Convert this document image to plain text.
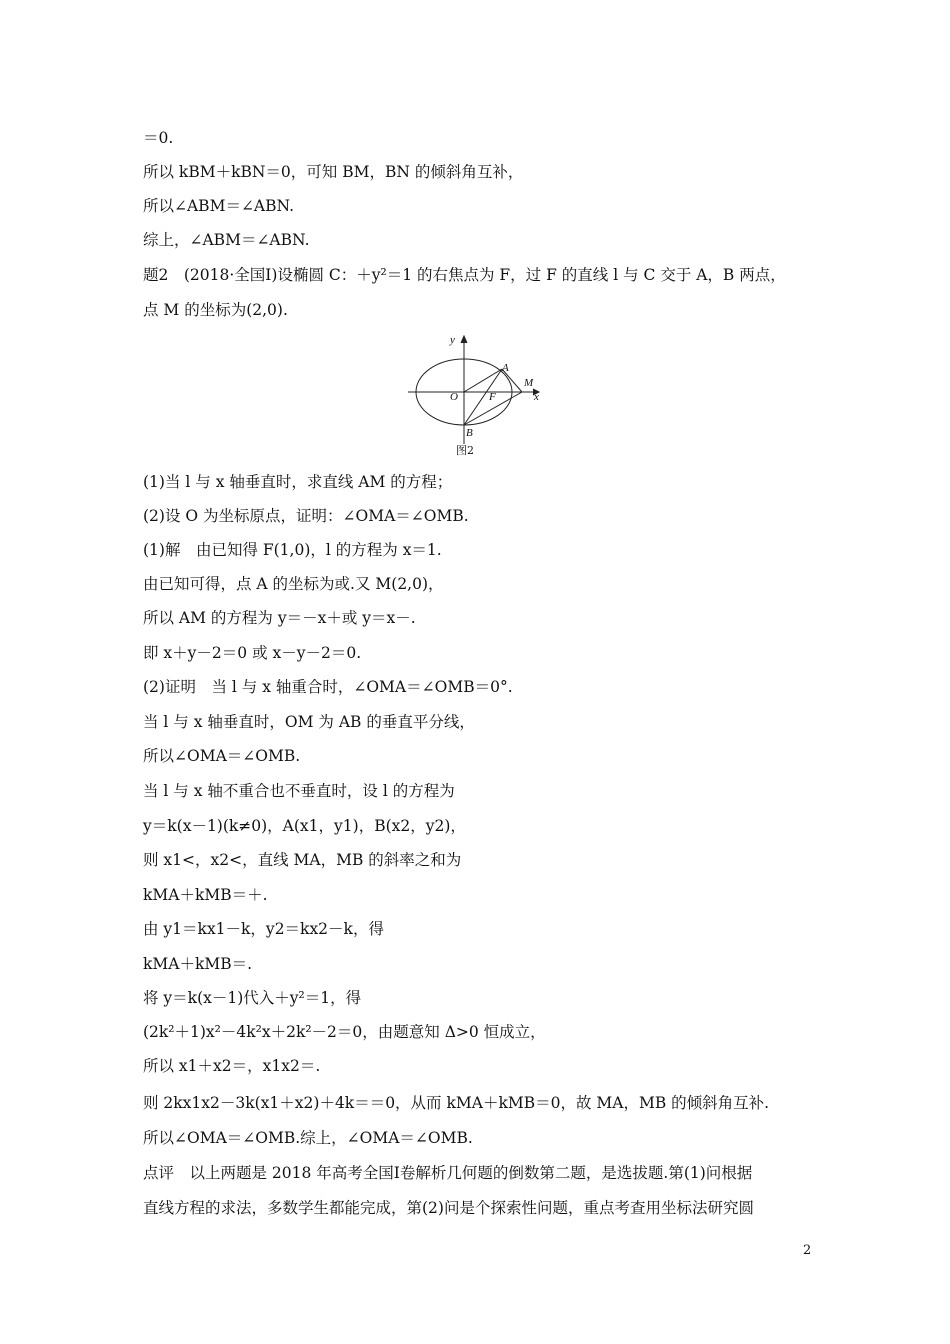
＝0.
所以 kBM＋kBN＝0，可知 BM，BN 的倾斜角互补，
所以∠ABM＝∠ABN.
综上，∠ABM＝∠ABN.
题2　(2018·全国Ⅰ)设椭圆 C：＋y²＝1 的右焦点为 F，过 F 的直线 l 与 C 交于 A，B 两点，
点 M 的坐标为(2,0).
y
x
O	F
A
B
M
图2
(1)当 l 与 x 轴垂直时，求直线 AM 的方程；
(2)设 O 为坐标原点，证明：∠OMA＝∠OMB.
(1)解　由已知得 F(1,0)，l 的方程为 x＝1.
由已知可得，点 A 的坐标为或.又 M(2,0)，
所以 AM 的方程为 y＝－x＋或 y＝x－.
即 x＋y－2＝0 或 x－y－2＝0.
(2)证明　当 l 与 x 轴重合时，∠OMA＝∠OMB＝0°.
当 l 与 x 轴垂直时，OM 为 AB 的垂直平分线，
所以∠OMA＝∠OMB.
当 l 与 x 轴不重合也不垂直时，设 l 的方程为
y＝k(x－1)(k≠0)，A(x1，y1)，B(x2，y2)，
则 x1<，x2<，直线 MA，MB 的斜率之和为
kMA＋kMB＝＋.
由 y1＝kx1－k，y2＝kx2－k，得
kMA＋kMB＝.
将 y＝k(x－1)代入＋y²＝1，得
(2k²＋1)x²－4k²x＋2k²－2＝0，由题意知 Δ>0 恒成立，
所以 x1＋x2＝，x1x2＝.
则 2kx1x2－3k(x1＋x2)＋4k＝＝0，从而 kMA＋kMB＝0，故 MA，MB 的倾斜角互补.
所以∠OMA＝∠OMB.综上，∠OMA＝∠OMB.
点评　以上两题是 2018 年高考全国Ⅰ卷解析几何题的倒数第二题，是选拔题.第(1)问根据
直线方程的求法，多数学生都能完成，第(2)问是个探索性问题，重点考查用坐标法研究圆
2
